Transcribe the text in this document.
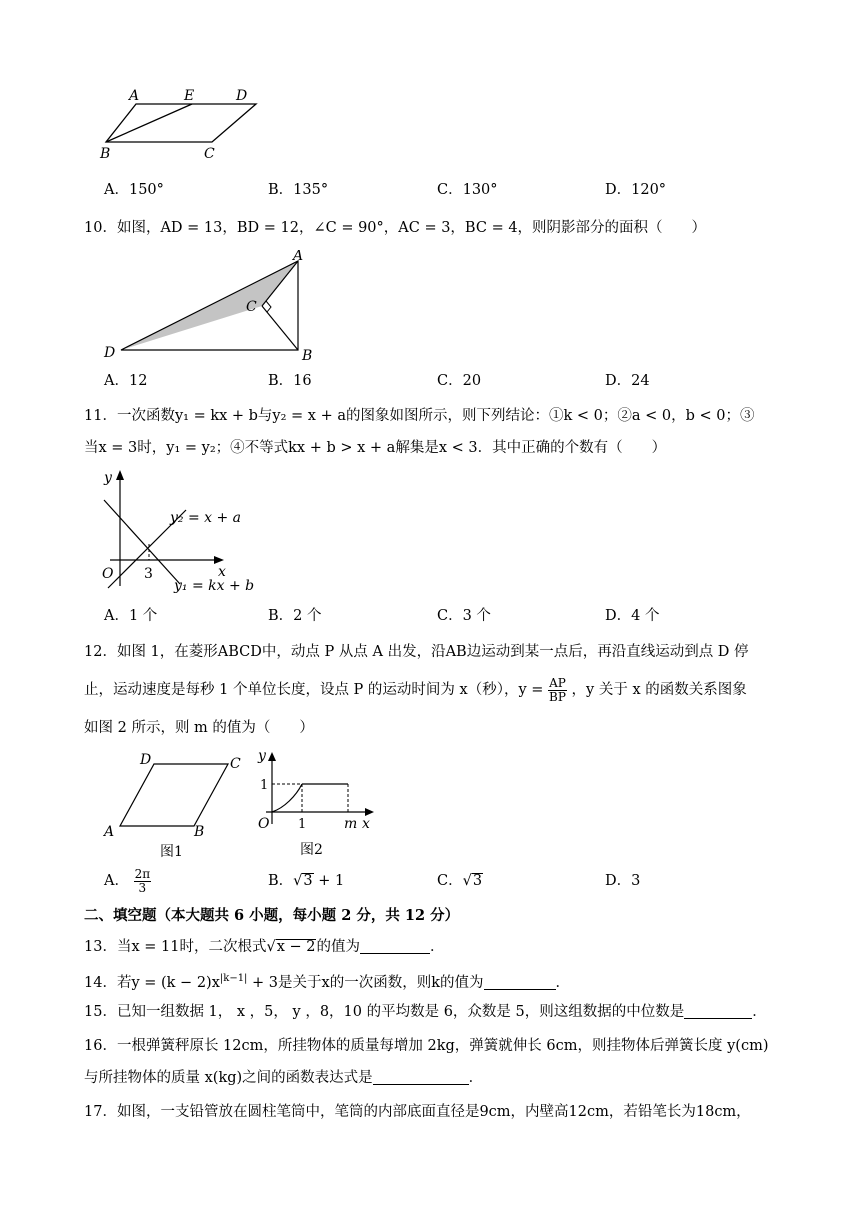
A	E	D
B	C
A．150°	B．135°	C．130°	D．120°
10．如图，AD = 13，BD = 12，∠C = 90°，AC = 3，BC = 4，则阴影部分的面积（　　）
A
C
D	B
A．12	B．16	C．20	D．24
11．一次函数y₁ = kx + b与y₂ = x + a的图象如图所示，则下列结论：①k < 0；②a < 0，b < 0；③
当x = 3时，y₁ = y₂；④不等式kx + b > x + a解集是x < 3．其中正确的个数有（　　）
y
x
O 3
y₂ = x + a
y₁ = kx + b
A．1 个	B．2 个	C．3 个	D．4 个
12．如图 1，在菱形ABCD中，动点 P 从点 A 出发，沿AB边运动到某一点后，再沿直线运动到点 D 停
止，运动速度是每秒 1 个单位长度，设点 P 的运动时间为 x（秒），$y = \frac{AP}{BP}$ ，y 关于 x 的函数关系图象
如图 2 所示，则 m 的值为（　　）
D	C
A	B
图1
y
1
O 1	m x
图2
A． $\frac{2\pi}{3}$	B．√3 + 1	C．√3	D．3
二、填空题（本大题共 6 小题，每小题 2 分，共 12 分）
13．当x = 11时，二次根式√x − 2的值为	．
14．若$y = (k - 2)x^{|k-1|} + 3$是关于x的一次函数，则k的值为	．
15．已知一组数据 1， x ，5， y ，8，10 的平均数是 6，众数是 5，则这组数据的中位数是	．
16．一根弹簧秤原长 12cm，所挂物体的质量每增加 2kg，弹簧就伸长 6cm，则挂物体后弹簧长度 y(cm)
与所挂物体的质量 x(kg)之间的函数表达式是	．
17．如图，一支铅管放在圆柱笔筒中，笔筒的内部底面直径是9cm，内壁高12cm，若铅笔长为18cm，
